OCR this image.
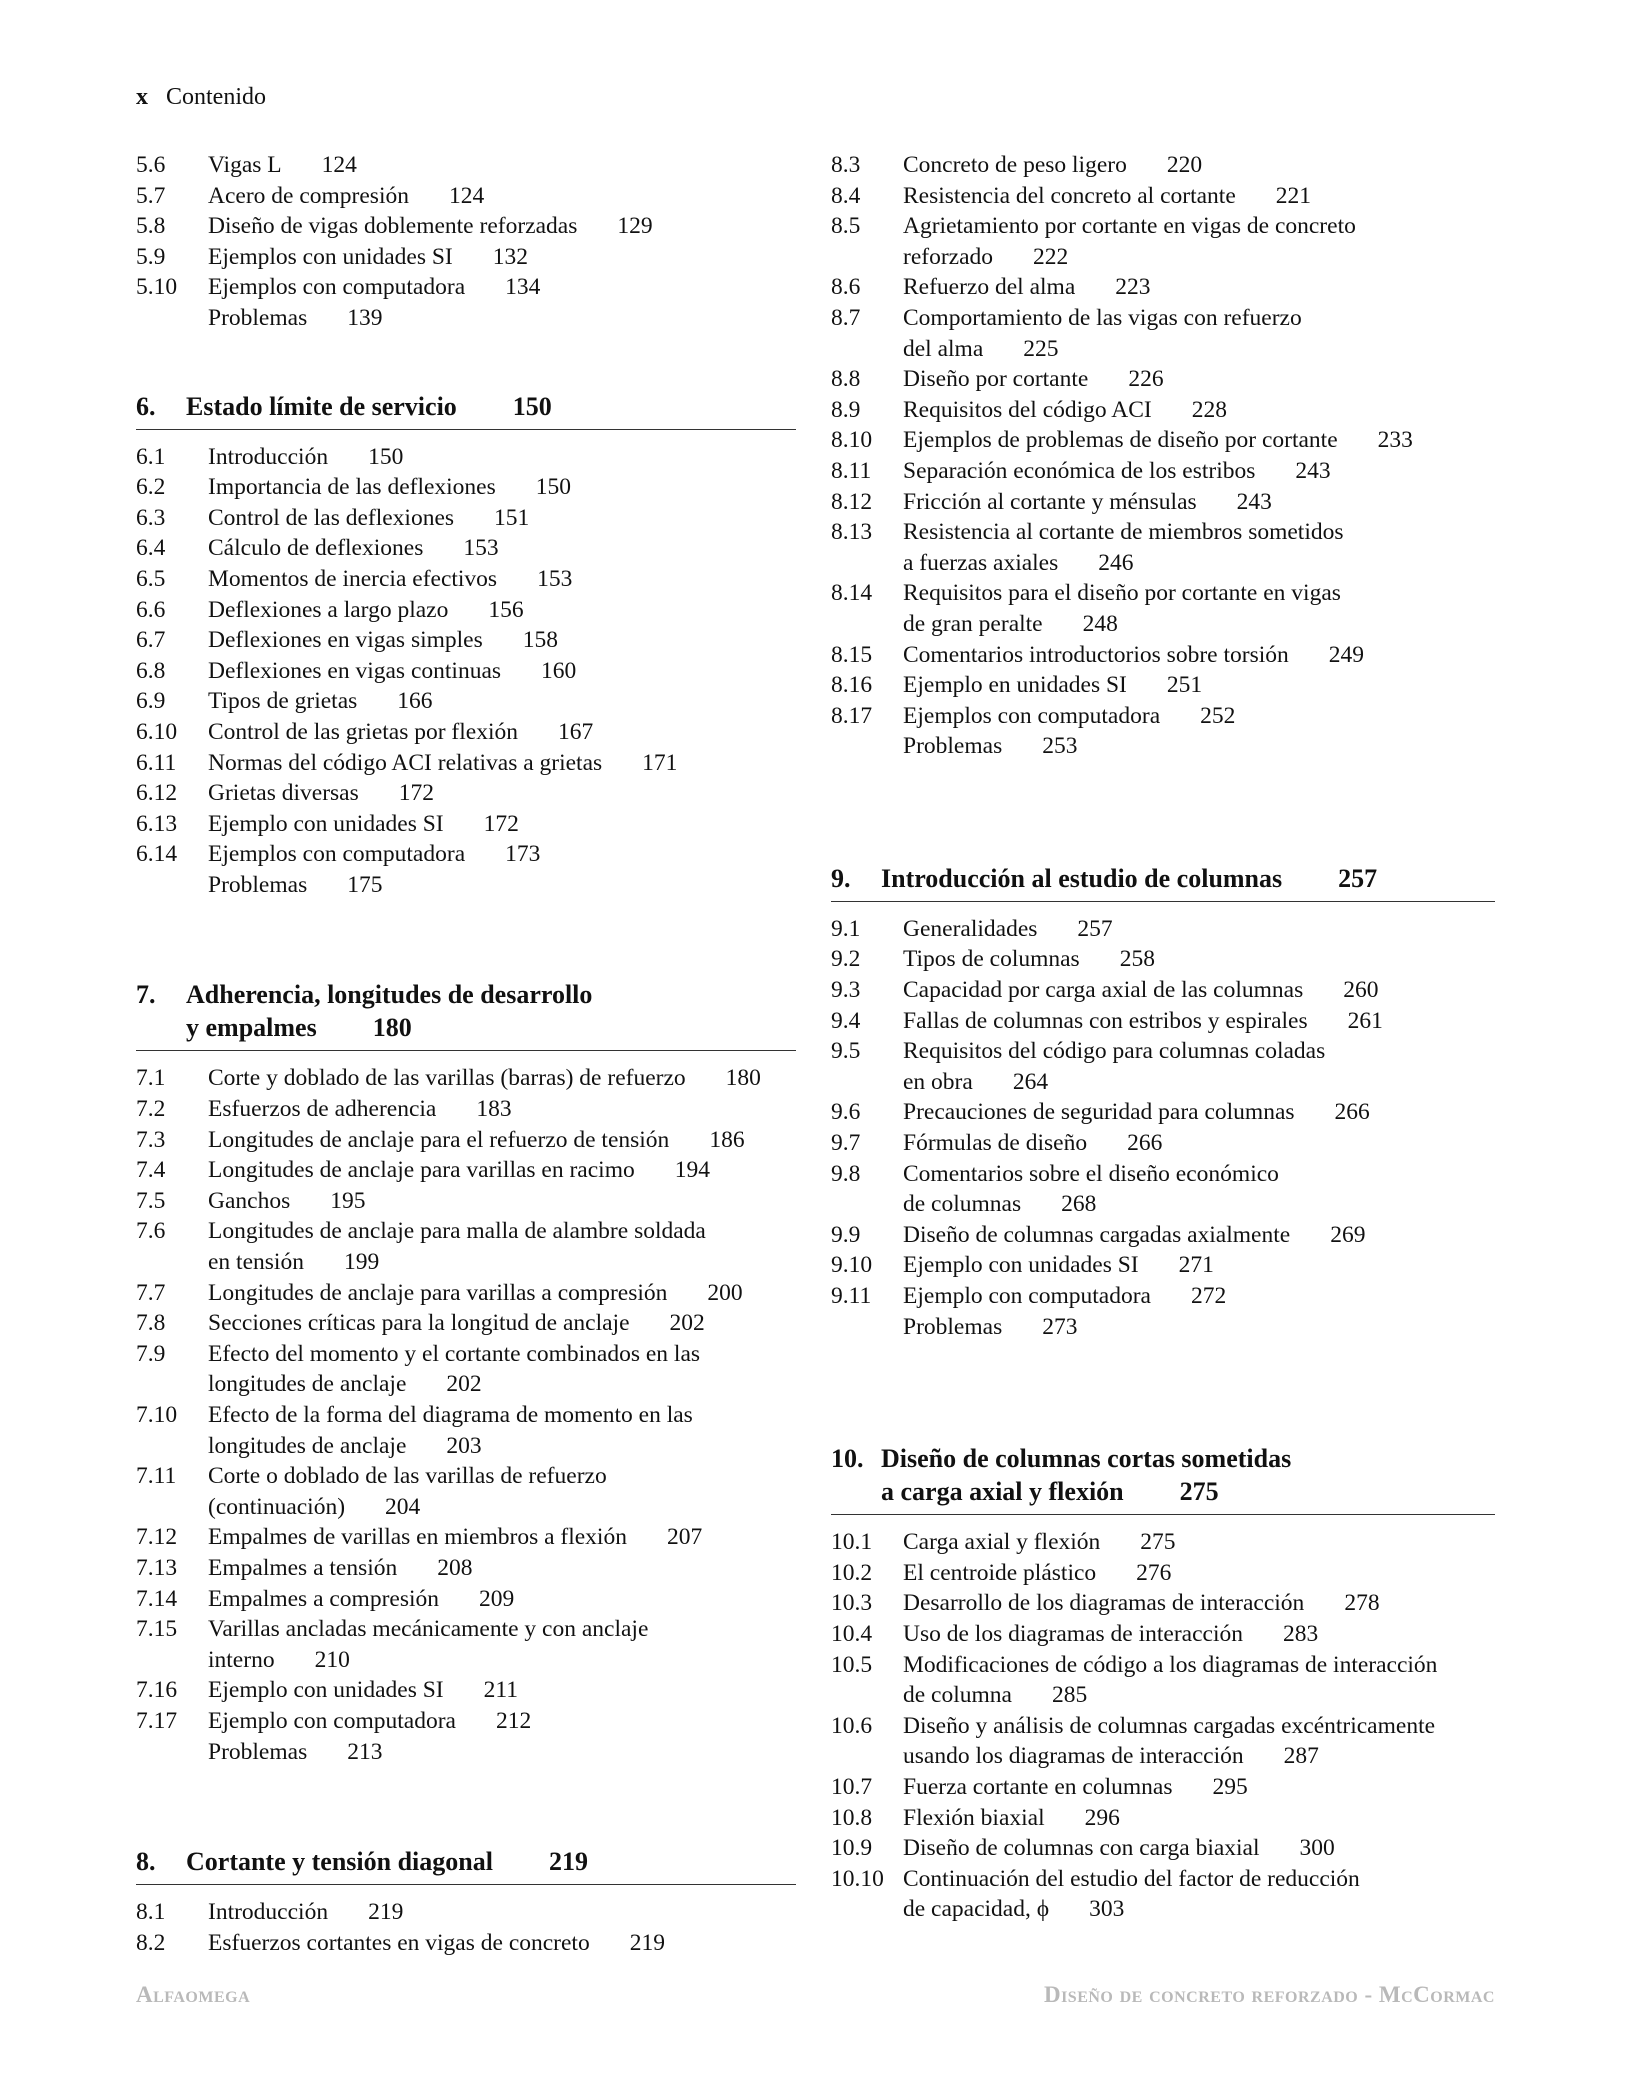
x Contenido
5.6	Vigas L 124
5.7	Acero de compresión 124
5.8	Diseño de vigas doblemente reforzadas 129
5.9	Ejemplos con unidades SI 132
5.10	Ejemplos con computadora 134
Problemas 139
6.	Estado límite de servicio 150
6.1	Introducción 150
6.2	Importancia de las deflexiones 150
6.3	Control de las deflexiones 151
6.4	Cálculo de deflexiones 153
6.5	Momentos de inercia efectivos 153
6.6	Deflexiones a largo plazo 156
6.7	Deflexiones en vigas simples 158
6.8	Deflexiones en vigas continuas 160
6.9	Tipos de grietas 166
6.10	Control de las grietas por flexión 167
6.11	Normas del código ACI relativas a grietas 171
6.12	Grietas diversas 172
6.13	Ejemplo con unidades SI 172
6.14	Ejemplos con computadora 173
Problemas 175
7.	Adherencia, longitudes de desarrollo
y empalmes 180
7.1	Corte y doblado de las varillas (barras) de refuerzo 180
7.2	Esfuerzos de adherencia 183
7.3	Longitudes de anclaje para el refuerzo de tensión 186
7.4	Longitudes de anclaje para varillas en racimo 194
7.5	Ganchos 195
7.6	Longitudes de anclaje para malla de alambre soldada
en tensión 199
7.7	Longitudes de anclaje para varillas a compresión 200
7.8	Secciones críticas para la longitud de anclaje 202
7.9	Efecto del momento y el cortante combinados en las
longitudes de anclaje 202
7.10	Efecto de la forma del diagrama de momento en las
longitudes de anclaje 203
7.11	Corte o doblado de las varillas de refuerzo
(continuación) 204
7.12	Empalmes de varillas en miembros a flexión 207
7.13	Empalmes a tensión 208
7.14	Empalmes a compresión 209
7.15	Varillas ancladas mecánicamente y con anclaje
interno 210
7.16	Ejemplo con unidades SI 211
7.17	Ejemplo con computadora 212
Problemas 213
8.	Cortante y tensión diagonal 219
8.1	Introducción 219
8.2	Esfuerzos cortantes en vigas de concreto 219
8.3	Concreto de peso ligero 220
8.4	Resistencia del concreto al cortante 221
8.5	Agrietamiento por cortante en vigas de concreto
reforzado 222
8.6	Refuerzo del alma 223
8.7	Comportamiento de las vigas con refuerzo
del alma 225
8.8	Diseño por cortante 226
8.9	Requisitos del código ACI 228
8.10	Ejemplos de problemas de diseño por cortante 233
8.11	Separación económica de los estribos 243
8.12	Fricción al cortante y ménsulas 243
8.13	Resistencia al cortante de miembros sometidos
a fuerzas axiales 246
8.14	Requisitos para el diseño por cortante en vigas
de gran peralte 248
8.15	Comentarios introductorios sobre torsión 249
8.16	Ejemplo en unidades SI 251
8.17	Ejemplos con computadora 252
Problemas 253
9.	Introducción al estudio de columnas 257
9.1	Generalidades 257
9.2	Tipos de columnas 258
9.3	Capacidad por carga axial de las columnas 260
9.4	Fallas de columnas con estribos y espirales 261
9.5	Requisitos del código para columnas coladas
en obra 264
9.6	Precauciones de seguridad para columnas 266
9.7	Fórmulas de diseño 266
9.8	Comentarios sobre el diseño económico
de columnas 268
9.9	Diseño de columnas cargadas axialmente 269
9.10	Ejemplo con unidades SI 271
9.11	Ejemplo con computadora 272
Problemas 273
10. Diseño de columnas cortas sometidas
a carga axial y flexión 275
10.1	Carga axial y flexión 275
10.2	El centroide plástico 276
10.3	Desarrollo de los diagramas de interacción 278
10.4	Uso de los diagramas de interacción 283
10.5	Modificaciones de código a los diagramas de interacción
de columna 285
10.6	Diseño y análisis de columnas cargadas excéntricamente
usando los diagramas de interacción 287
10.7	Fuerza cortante en columnas 295
10.8	Flexión biaxial 296
10.9	Diseño de columnas con carga biaxial 300
10.10 Continuación del estudio del factor de reducción
de capacidad, ϕ 303
Alfaomega	Diseño de concreto reforzado - McCormac
